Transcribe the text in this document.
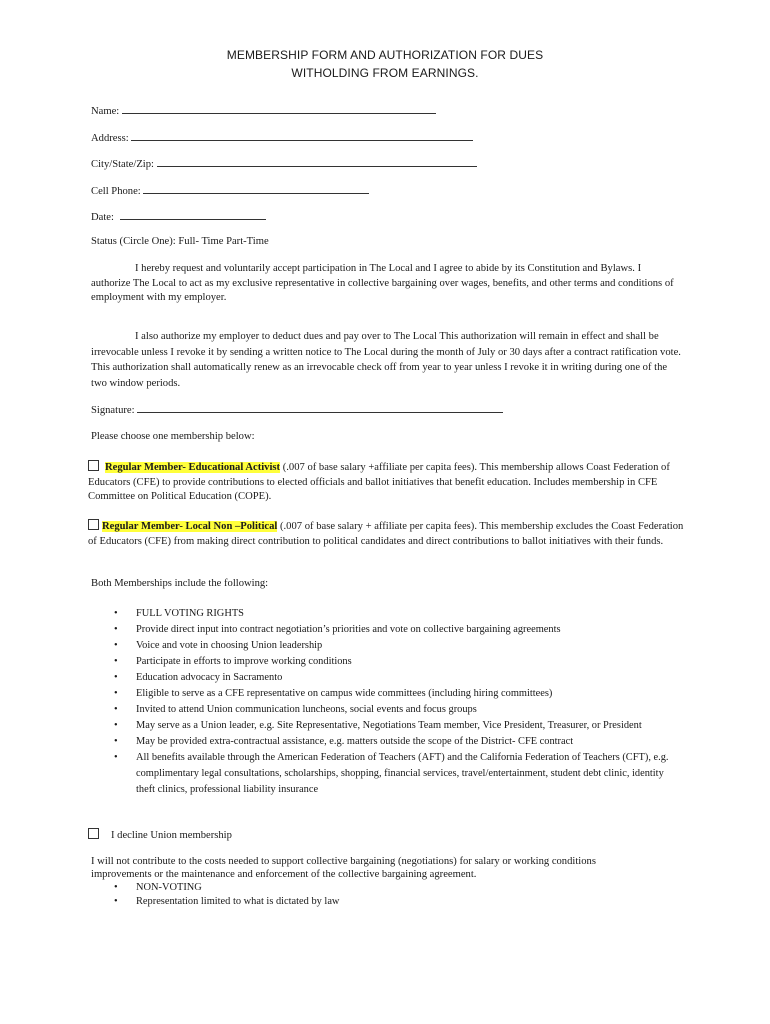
MEMBERSHIP FORM AND AUTHORIZATION FOR DUES
WITHOLDING FROM EARNINGS.
Name:
Address:
City/State/Zip:
Cell Phone:
Date:
Status (Circle One): Full- Time Part-Time
I hereby request and voluntarily accept participation in The Local and I agree to abide by its Constitution and Bylaws. I authorize The Local to act as my exclusive representative in collective bargaining over wages, benefits, and other terms and conditions of employment with my employer.
I also authorize my employer to deduct dues and pay over to The Local This authorization will remain in effect and shall be irrevocable unless I revoke it by sending a written notice to The Local during the month of July or 30 days after a contract ratification vote. This authorization shall automatically renew as an irrevocable check off from year to year unless I revoke it in writing during one of the two window periods.
Signature:
Please choose one membership below:
Regular Member- Educational Activist (.007 of base salary +affiliate per capita fees). This membership allows Coast Federation of Educators (CFE) to provide contributions to elected officials and ballot initiatives that benefit education. Includes membership in CFE Committee on Political Education (COPE).
Regular Member- Local Non –Political (.007 of base salary + affiliate per capita fees). This membership excludes the Coast Federation of Educators (CFE) from making direct contribution to political candidates and direct contributions to ballot initiatives with their funds.
Both Memberships include the following:
• FULL VOTING RIGHTS
• Provide direct input into contract negotiation’s priorities and vote on collective bargaining agreements
• Voice and vote in choosing Union leadership
• Participate in efforts to improve working conditions
• Education advocacy in Sacramento
• Eligible to serve as a CFE representative on campus wide committees (including hiring committees)
• Invited to attend Union communication luncheons, social events and focus groups
• May serve as a Union leader, e.g. Site Representative, Negotiations Team member, Vice President, Treasurer, or President
• May be provided extra-contractual assistance, e.g. matters outside the scope of the District- CFE contract
• All benefits available through the American Federation of Teachers (AFT) and the California Federation of Teachers (CFT), e.g. complimentary legal consultations, scholarships, shopping, financial services, travel/entertainment, student debt clinic, identity theft clinics, professional liability insurance
I decline Union membership
I will not contribute to the costs needed to support collective bargaining (negotiations) for salary or working conditions improvements or the maintenance and enforcement of the collective bargaining agreement.
• NON-VOTING
• Representation limited to what is dictated by law
